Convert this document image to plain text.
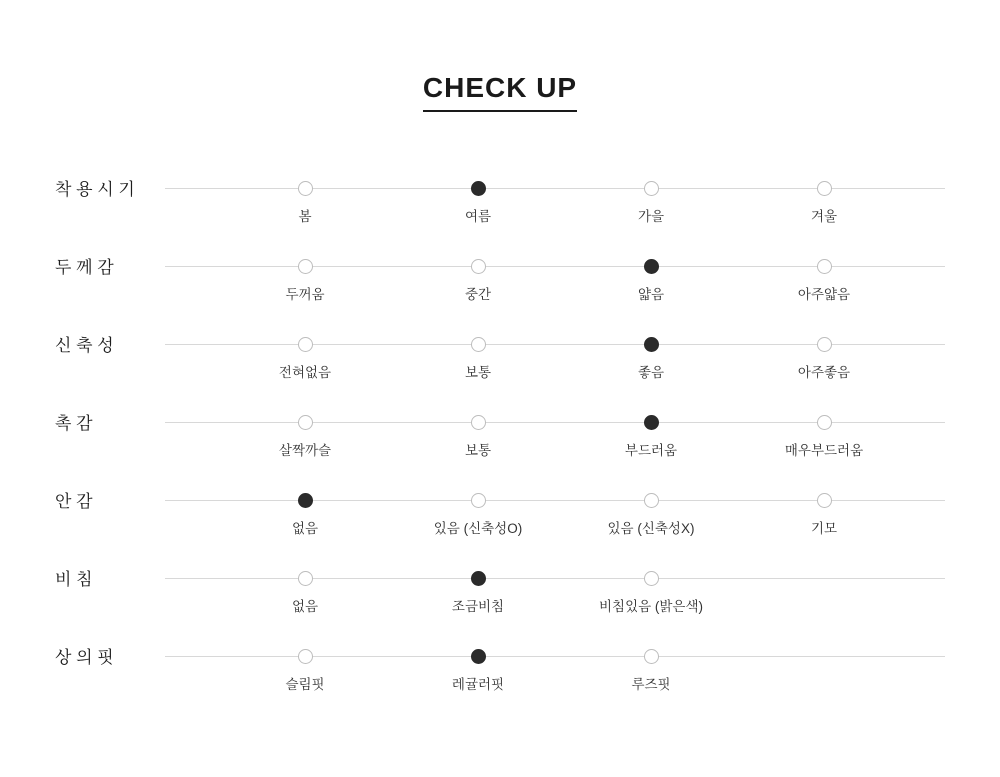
CHECK UP
착 용 시 기
봄	여름	가을	겨울
두 께 감
두꺼움	중간	얇음	아주얇음
신 축 성
전혀없음	보통	좋음	아주좋음
촉 감
살짝까슬	보통	부드러움	매우부드러움
안 감
없음	있음 (신축성O)	있음 (신축성X)	기모
비 침
없음	조금비침	비침있음 (밝은색)
상 의 핏
슬림핏	레귤러핏	루즈핏
